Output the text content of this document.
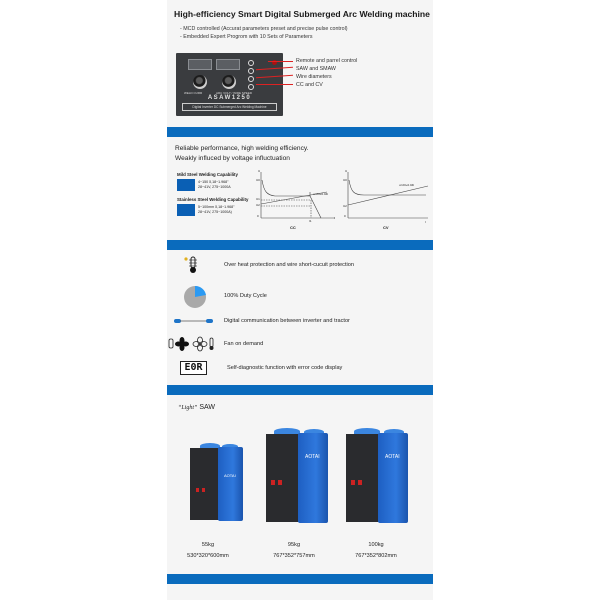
High-efficiency Smart Digital Submerged Arc Welding machine
- MCD controlled (Accurat parameters preset and precise pulse control)
- Embedded Expert Progrom with 10 Sets of Parameters
WELD CURR	ARC VOLT / WIRE SPEED
ASAW1250
Digital Inverter DC Submerged Arc Welding Machine
Remote and parrel control
SAW and SMAW
Wire diameters
CC and CV
Reliable performance, high welding efficiency.
Weakly influced by voltage influctuation
Mild Steel Welding Capability
4~150 δ,18~1.968"
28~41V, 275~1000A
Stainless Steel Welding Capability
5~100mm δ,18~1.968"
28~41V, 275~1000A)
U
U0
U1
U2
0
I1
I
u=20+0.04I
CC
U
U0
U2
0
I
u=20+0.04I
CV
Over heat protection and wire short-cucuit protection
100% Duty Cycle
Digital communication between inverter and tractor
Fan on demand
E0R	Self-diagnostic function with error code display
“Light” SAW
AOTAI
AOTAI	AOTAI
55kg
530*320*600mm
95kg
767*352*757mm
100kg
767*352*802mm
